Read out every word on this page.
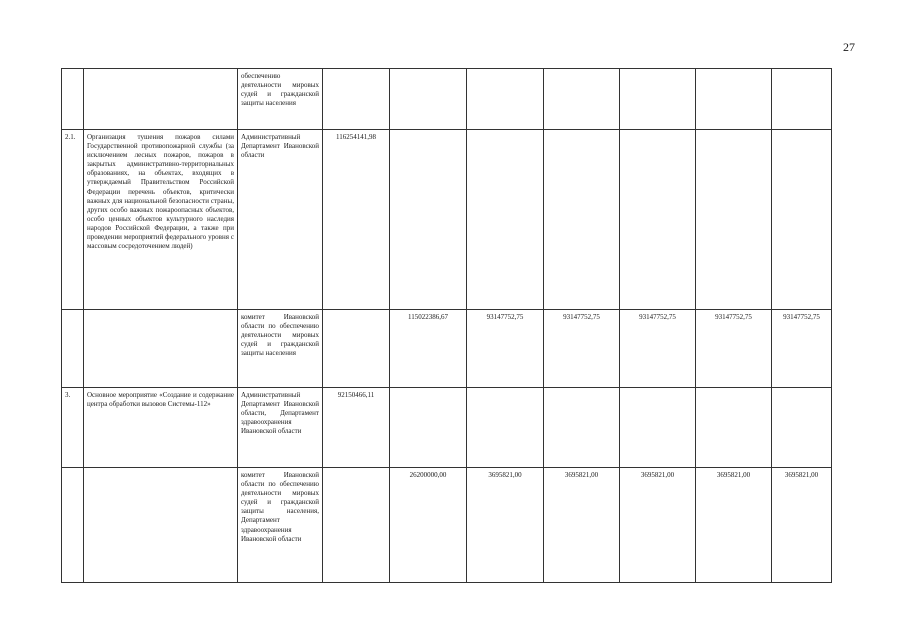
27
		обеспечению деятельности мировых судей и гражданской защиты населения							
2.1.	Организация тушения пожаров силами Государственной противопожарной службы (за исключением лесных пожаров, пожаров в закрытых административно-территориальных образованиях, на объектах, входящих в утверждаемый Правительством Российской Федерации перечень объектов, критически важных для национальной безопасности страны, других особо важных пожароопасных объектов, особо ценных объектов культурного наследия народов Российской Федерации, а также при проведении мероприятий федерального уровня с массовым сосредоточением людей)	Административный Департамент Ивановской области	116254141,98						
		комитет Ивановской области по обеспечению деятельности мировых судей и гражданской защиты населения		115022386,67	93147752,75	93147752,75	93147752,75	93147752,75	93147752,75
3.	Основное мероприятие «Создание и содержание центра обработки вызовов Системы-112»	Административный Департамент Ивановской области, Департамент здравоохранения Ивановской области	92150466,11						
		комитет Ивановской области по обеспечению деятельности мировых судей и гражданской защиты населения, Департамент здравоохранения Ивановской области		26200000,00	3695821,00	3695821,00	3695821,00	3695821,00	3695821,00
